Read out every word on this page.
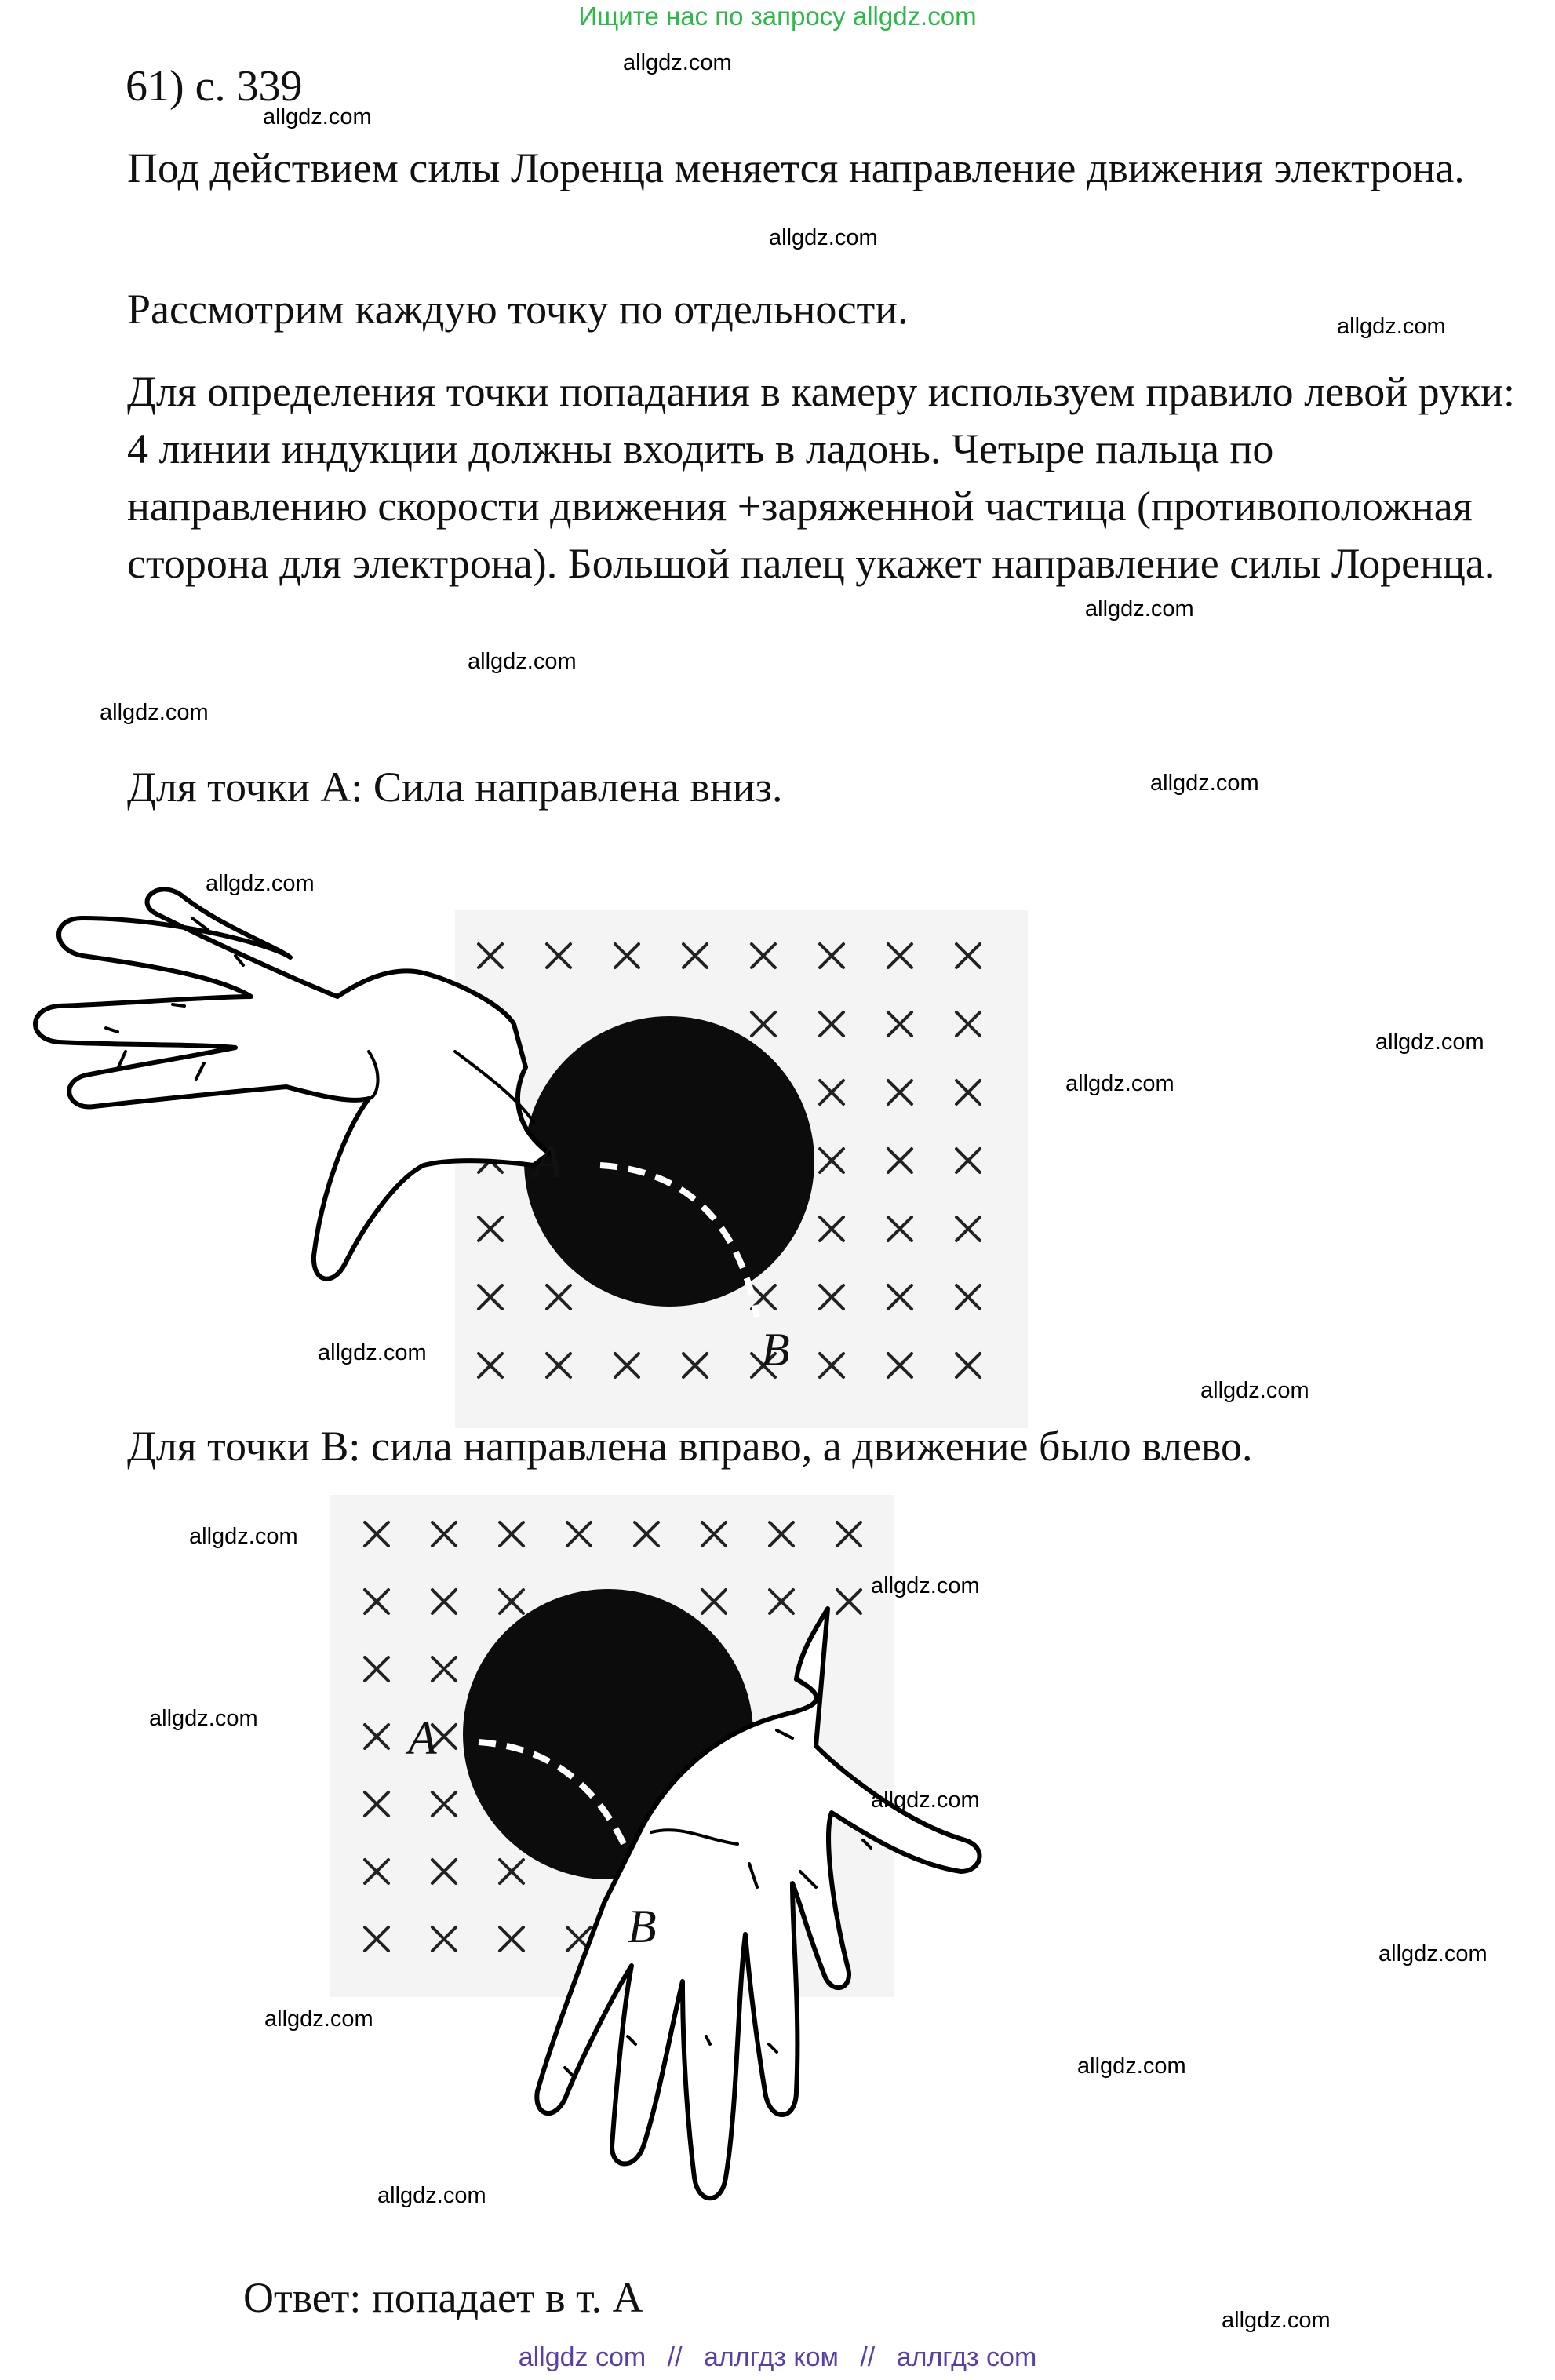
Ищите нас по запросу allgdz.com
61) с. 339
Под действием силы Лоренца меняется направление движения электрона.
Рассмотрим каждую точку по отдельности.
Для определения точки попадания в камеру используем правило левой руки: 4 линии индукции должны входить в ладонь. Четыре пальца по направлению скорости движения +заряженной частица (противоположная сторона для электрона). Большой палец укажет направление силы Лоренца.
Для точки А: Сила направлена вниз.
A
B
Для точки В: сила направлена вправо, а движение было влево.
A
B
Ответ: попадает в т. А
allgdz.com
allgdz.com
allgdz.com
allgdz.com
allgdz.com
allgdz.com
allgdz.com
allgdz.com
allgdz.com
allgdz.com
allgdz.com
allgdz.com
allgdz.com
allgdz.com
allgdz.com
allgdz.com
allgdz.com
allgdz.com
allgdz.com
allgdz.com
allgdz.com
allgdz.com
allgdz com // аллгдз ком // аллгдз com
